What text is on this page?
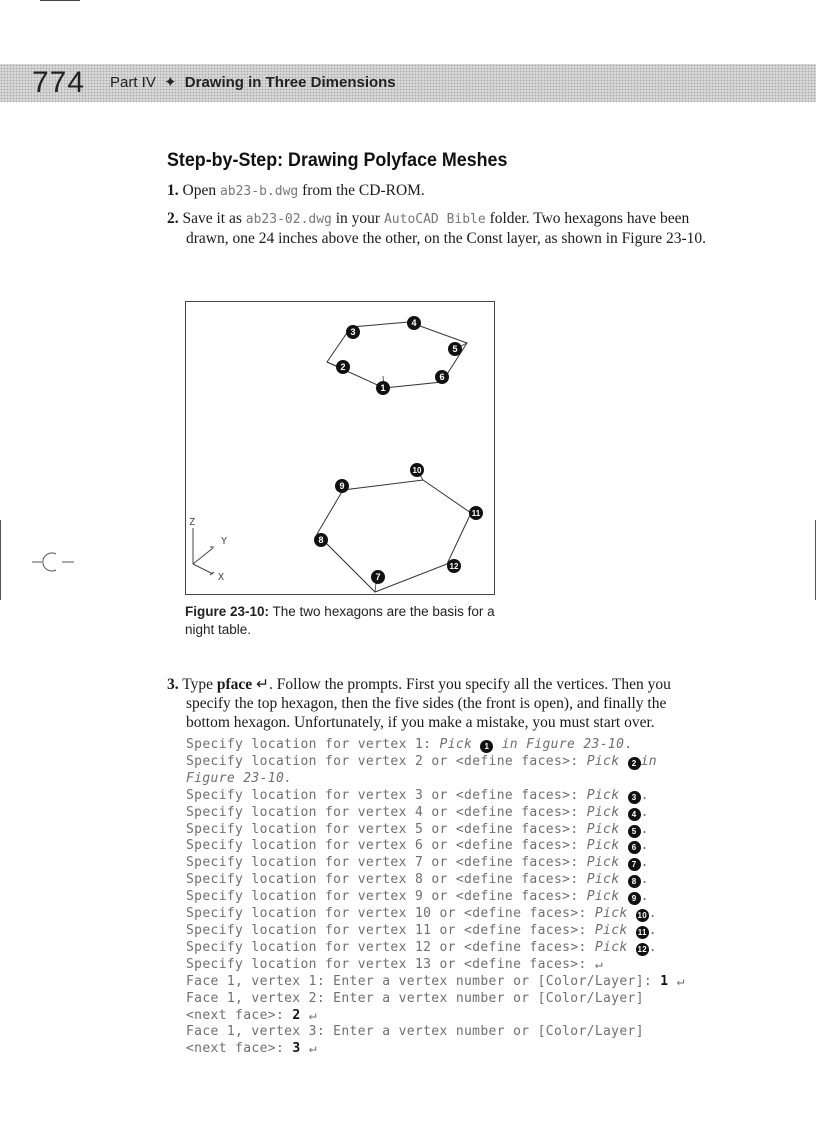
774 Part IV ✦ Drawing in Three Dimensions
Step-by-Step: Drawing Polyface Meshes
1. Open ab23-b.dwg from the CD-ROM.
2. Save it as ab23-02.dwg in your AutoCAD Bible folder. Two hexagons have been drawn, one 24 inches above the other, on the Const layer, as shown in Figure 23-10.
1
2
3
4
5
6
7
8
9
10
11
12
Z
Y
X
Figure 23-10: The two hexagons are the basis for a night table.
3. Type pface ↵. Follow the prompts. First you specify all the vertices. Then you specify the top hexagon, then the five sides (the front is open), and finally the bottom hexagon. Unfortunately, if you make a mistake, you must start over.
Specify location for vertex 1: Pick 1 in Figure 23-10.
Specify location for vertex 2 or <define faces>: Pick 2 in
Figure 23-10.
Specify location for vertex 3 or <define faces>: Pick 3 .
Specify location for vertex 4 or <define faces>: Pick 4 .
Specify location for vertex 5 or <define faces>: Pick 5 .
Specify location for vertex 6 or <define faces>: Pick 6 .
Specify location for vertex 7 or <define faces>: Pick 7 .
Specify location for vertex 8 or <define faces>: Pick 8 .
Specify location for vertex 9 or <define faces>: Pick 9 .
Specify location for vertex 10 or <define faces>: Pick 10 .
Specify location for vertex 11 or <define faces>: Pick 11 .
Specify location for vertex 12 or <define faces>: Pick 12 .
Specify location for vertex 13 or <define faces>: ↵
Face 1, vertex 1: Enter a vertex number or [Color/Layer]: 1 ↵
Face 1, vertex 2: Enter a vertex number or [Color/Layer]
<next face>: 2 ↵
Face 1, vertex 3: Enter a vertex number or [Color/Layer]
<next face>: 3 ↵
